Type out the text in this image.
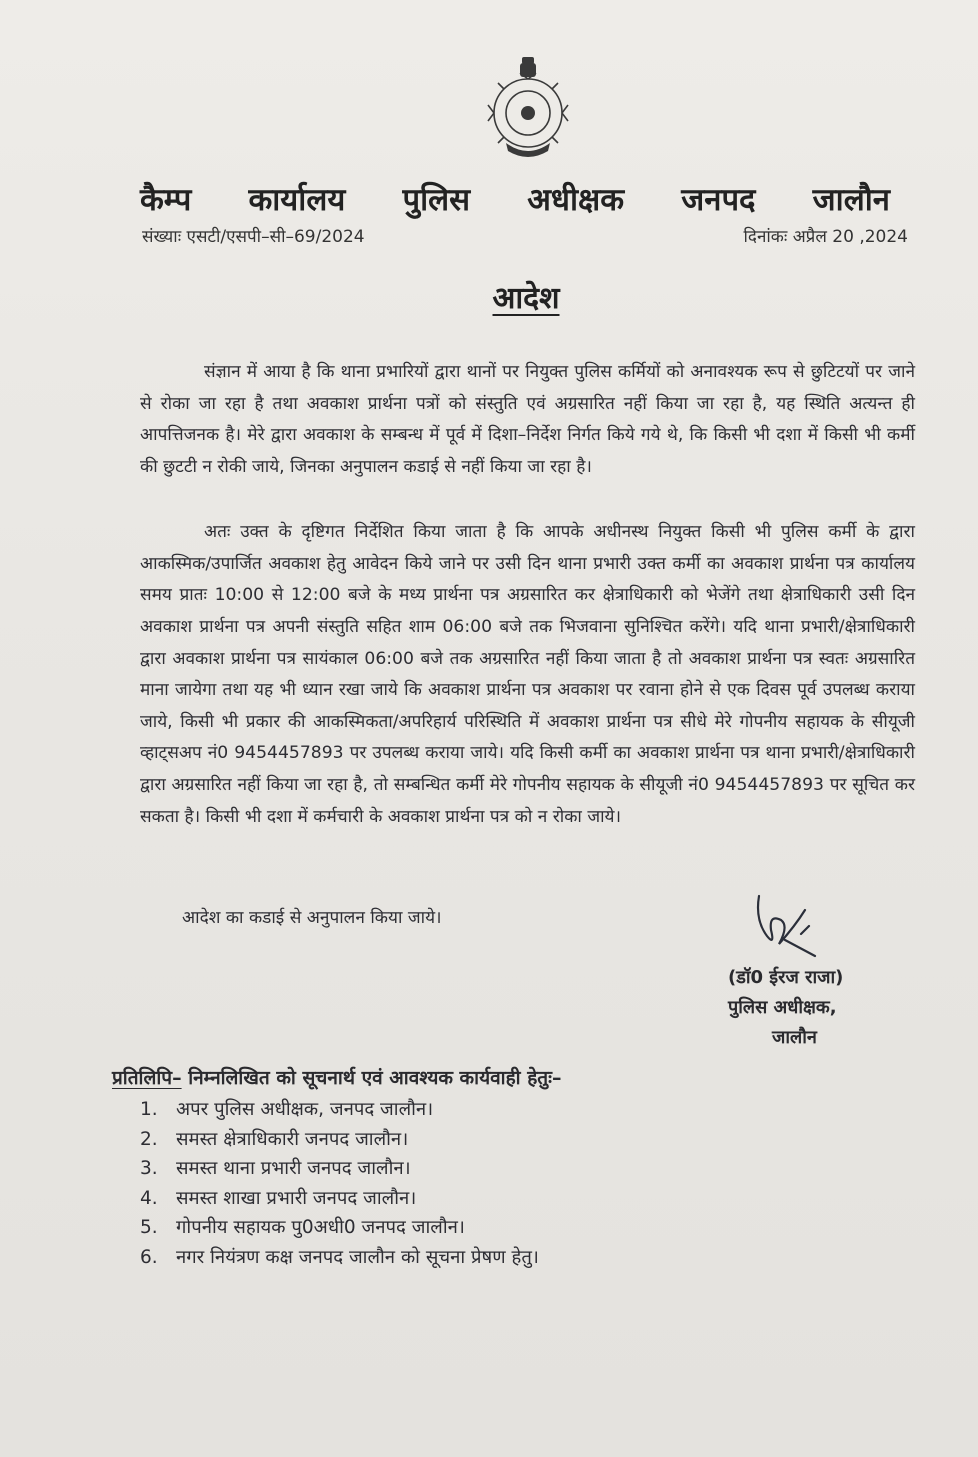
कैम्प कार्यालय पुलिस अधीक्षक जनपद जालौन
संख्याः एसटी/एसपी–सी–69/2024	दिनांकः अप्रैल 20 ,2024
आदेश

संज्ञान में आया है कि थाना प्रभारियों द्वारा थानों पर नियुक्त पुलिस कर्मियों को अनावश्यक रूप से छुटिटयों पर जाने से रोका जा रहा है तथा अवकाश प्रार्थना पत्रों को संस्तुति एवं अग्रसारित नहीं किया जा रहा है, यह स्थिति अत्यन्त ही आपत्तिजनक है। मेरे द्वारा अवकाश के सम्बन्ध में पूर्व में दिशा–निर्देश निर्गत किये गये थे, कि किसी भी दशा में किसी भी कर्मी की छुटटी न रोकी जाये, जिनका अनुपालन कडाई से नहीं किया जा रहा है।

अतः उक्त के दृष्टिगत निर्देशित किया जाता है कि आपके अधीनस्थ नियुक्त किसी भी पुलिस कर्मी के द्वारा आकस्मिक/उपार्जित अवकाश हेतु आवेदन किये जाने पर उसी दिन थाना प्रभारी उक्त कर्मी का अवकाश प्रार्थना पत्र कार्यालय समय प्रातः 10:00 से 12:00 बजे के मध्य प्रार्थना पत्र अग्रसारित कर क्षेत्राधिकारी को भेजेंगे तथा क्षेत्राधिकारी उसी दिन अवकाश प्रार्थना पत्र अपनी संस्तुति सहित शाम 06:00 बजे तक भिजवाना सुनिश्चित करेंगे। यदि थाना प्रभारी/क्षेत्राधिकारी द्वारा अवकाश प्रार्थना पत्र सायंकाल 06:00 बजे तक अग्रसारित नहीं किया जाता है तो अवकाश प्रार्थना पत्र स्वतः अग्रसारित माना जायेगा तथा यह भी ध्यान रखा जाये कि अवकाश प्रार्थना पत्र अवकाश पर रवाना होने से एक दिवस पूर्व उपलब्ध कराया जाये, किसी भी प्रकार की आकस्मिकता/अपरिहार्य परिस्थिति में अवकाश प्रार्थना पत्र सीधे मेरे गोपनीय सहायक के सीयूजी व्हाट्सअप नं0 9454457893 पर उपलब्ध कराया जाये। यदि किसी कर्मी का अवकाश प्रार्थना पत्र थाना प्रभारी/क्षेत्राधिकारी द्वारा अग्रसारित नहीं किया जा रहा है, तो सम्बन्धित कर्मी मेरे गोपनीय सहायक के सीयूजी नं0 9454457893 पर सूचित कर सकता है। किसी भी दशा में कर्मचारी के अवकाश प्रार्थना पत्र को न रोका जाये।

आदेश का कडाई से अनुपालन किया जाये।
(डॉ0 ईरज राजा)
पुलिस अधीक्षक,
जालौन
प्रतिलिपि– निम्नलिखित को सूचनार्थ एवं आवश्यक कार्यवाही हेतुः–
1. अपर पुलिस अधीक्षक, जनपद जालौन।
2. समस्त क्षेत्राधिकारी जनपद जालौन।
3. समस्त थाना प्रभारी जनपद जालौन।
4. समस्त शाखा प्रभारी जनपद जालौन।
5. गोपनीय सहायक पु0अधी0 जनपद जालौन।
6. नगर नियंत्रण कक्ष जनपद जालौन को सूचना प्रेषण हेतु।
